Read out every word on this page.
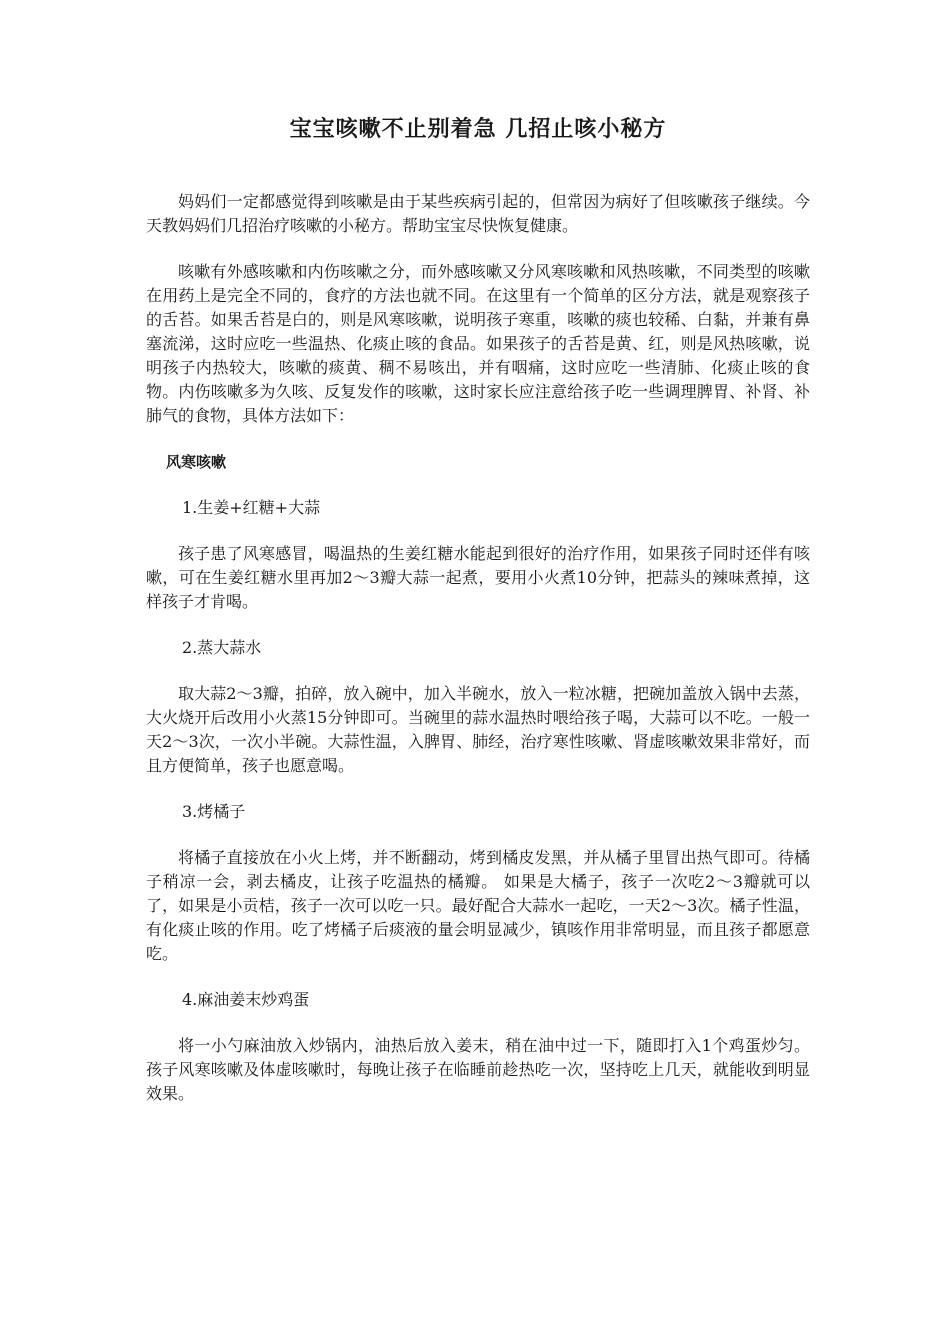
宝宝咳嗽不止别着急 几招止咳小秘方

妈妈们一定都感觉得到咳嗽是由于某些疾病引起的，但常因为病好了但咳嗽孩子继续。今天教妈妈们几招治疗咳嗽的小秘方。帮助宝宝尽快恢复健康。

咳嗽有外感咳嗽和内伤咳嗽之分，而外感咳嗽又分风寒咳嗽和风热咳嗽，不同类型的咳嗽在用药上是完全不同的，食疗的方法也就不同。在这里有一个简单的区分方法，就是观察孩子的舌苔。如果舌苔是白的，则是风寒咳嗽，说明孩子寒重，咳嗽的痰也较稀、白黏，并兼有鼻塞流涕，这时应吃一些温热、化痰止咳的食品。如果孩子的舌苔是黄、红，则是风热咳嗽，说明孩子内热较大，咳嗽的痰黄、稠不易咳出，并有咽痛，这时应吃一些清肺、化痰止咳的食物。内伤咳嗽多为久咳、反复发作的咳嗽，这时家长应注意给孩子吃一些调理脾胃、补肾、补肺气的食物，具体方法如下：

风寒咳嗽
1.生姜+红糖+大蒜

孩子患了风寒感冒，喝温热的生姜红糖水能起到很好的治疗作用，如果孩子同时还伴有咳嗽，可在生姜红糖水里再加2～3瓣大蒜一起煮，要用小火煮10分钟，把蒜头的辣味煮掉，这样孩子才肯喝。

2.蒸大蒜水

取大蒜2～3瓣，拍碎，放入碗中，加入半碗水，放入一粒冰糖，把碗加盖放入锅中去蒸，大火烧开后改用小火蒸15分钟即可。当碗里的蒜水温热时喂给孩子喝，大蒜可以不吃。一般一天2～3次，一次小半碗。大蒜性温，入脾胃、肺经，治疗寒性咳嗽、肾虚咳嗽效果非常好，而且方便简单，孩子也愿意喝。

3.烤橘子

将橘子直接放在小火上烤，并不断翻动，烤到橘皮发黑，并从橘子里冒出热气即可。待橘子稍凉一会，剥去橘皮，让孩子吃温热的橘瓣。 如果是大橘子，孩子一次吃2～3瓣就可以了，如果是小贡桔，孩子一次可以吃一只。最好配合大蒜水一起吃，一天2～3次。橘子性温，有化痰止咳的作用。吃了烤橘子后痰液的量会明显减少，镇咳作用非常明显，而且孩子都愿意吃。

4.麻油姜末炒鸡蛋

将一小勺麻油放入炒锅内，油热后放入姜末，稍在油中过一下，随即打入1个鸡蛋炒匀。孩子风寒咳嗽及体虚咳嗽时，每晚让孩子在临睡前趁热吃一次，坚持吃上几天，就能收到明显效果。
